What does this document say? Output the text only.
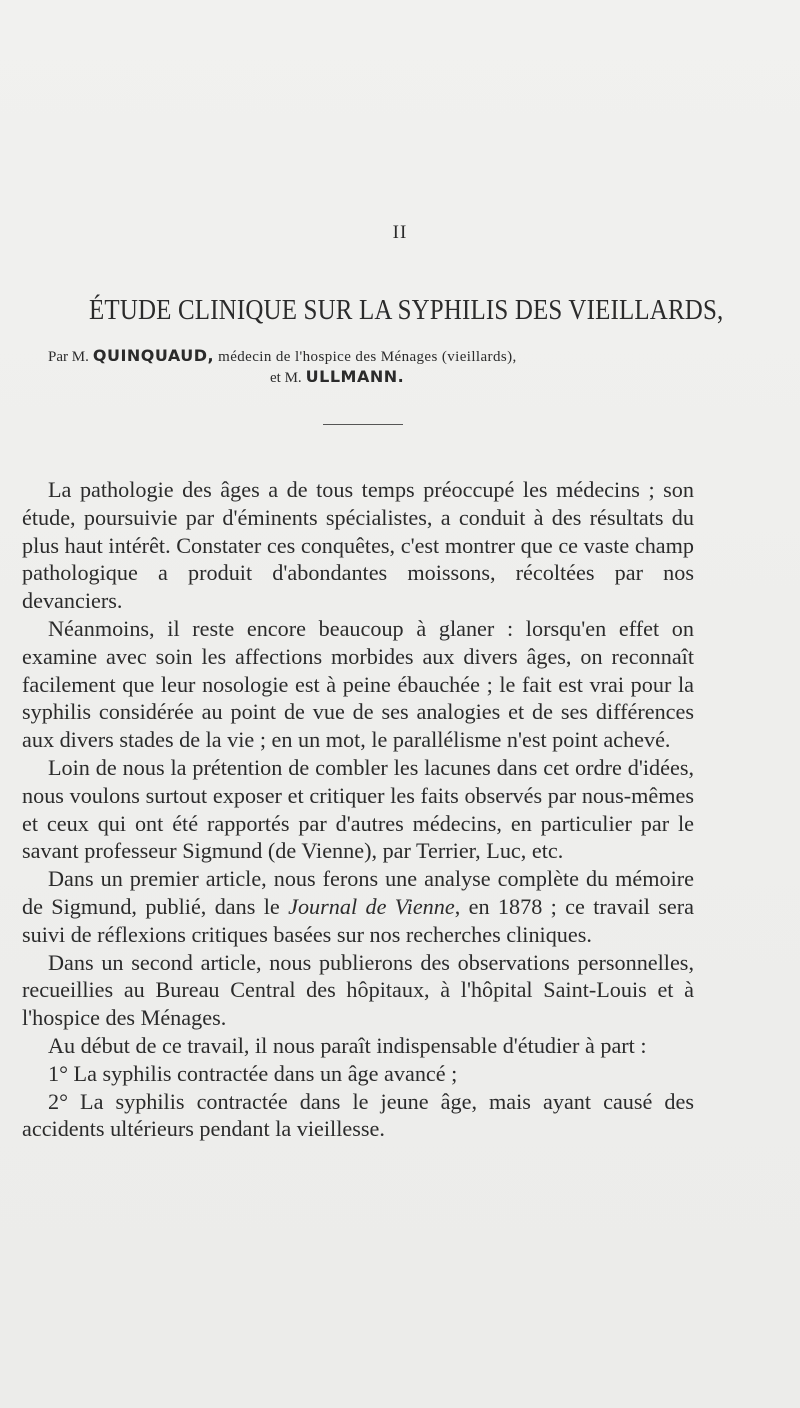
II
ÉTUDE CLINIQUE SUR LA SYPHILIS DES VIEILLARDS,
Par M. QUINQUAUD, médecin de l'hospice des Ménages (vieillards),
et M. ULLMANN.

La pathologie des âges a de tous temps préoccupé les médecins ; son étude, poursuivie par d'éminents spécialistes, a conduit à des résultats du plus haut intérêt. Constater ces conquêtes, c'est montrer que ce vaste champ pathologique a produit d'abondantes moissons, récoltées par nos devanciers.

Néanmoins, il reste encore beaucoup à glaner : lorsqu'en effet on examine avec soin les affections morbides aux divers âges, on reconnaît facilement que leur nosologie est à peine ébauchée ; le fait est vrai pour la syphilis considérée au point de vue de ses analogies et de ses différences aux divers stades de la vie ; en un mot, le parallélisme n'est point achevé.

Loin de nous la prétention de combler les lacunes dans cet ordre d'idées, nous voulons surtout exposer et critiquer les faits observés par nous-mêmes et ceux qui ont été rapportés par d'autres médecins, en particulier par le savant professeur Sigmund (de Vienne), par Terrier, Luc, etc.

Dans un premier article, nous ferons une analyse complète du mémoire de Sigmund, publié, dans le Journal de Vienne, en 1878 ; ce travail sera suivi de réflexions critiques basées sur nos recherches cliniques.

Dans un second article, nous publierons des observations personnelles, recueillies au Bureau Central des hôpitaux, à l'hôpital Saint-Louis et à l'hospice des Ménages.

Au début de ce travail, il nous paraît indispensable d'étudier à part :

1° La syphilis contractée dans un âge avancé ;

2° La syphilis contractée dans le jeune âge, mais ayant causé des accidents ultérieurs pendant la vieillesse.
